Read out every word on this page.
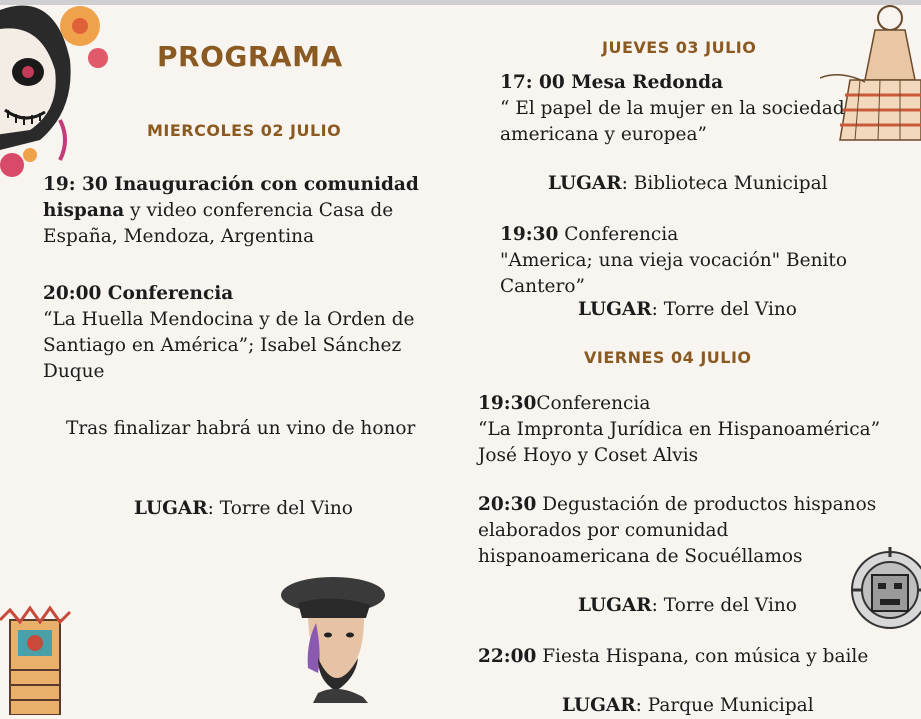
PROGRAMA
MIERCOLES 02 JULIO
19: 30 Inauguración con comunidad hispana y video conferencia Casa de España, Mendoza, Argentina
20:00 Conferencia
“La Huella Mendocina y de la Orden de Santiago en América”; Isabel Sánchez Duque
Tras finalizar habrá un vino de honor
LUGAR: Torre del Vino
JUEVES 03 JULIO
17: 00 Mesa Redonda
“ El papel de la mujer en la sociedad americana y europea”
LUGAR: Biblioteca Municipal
19:30 Conferencia
"America; una vieja vocación" Benito Cantero”
LUGAR: Torre del Vino
VIERNES 04 JULIO
19:30Conferencia
“La Impronta Jurídica en Hispanoamérica” José Hoyo y Coset Alvis
20:30 Degustación de productos hispanos elaborados por comunidad hispanoamericana de Socuéllamos
LUGAR: Torre del Vino
22:00 Fiesta Hispana, con música y baile
LUGAR: Parque Municipal
